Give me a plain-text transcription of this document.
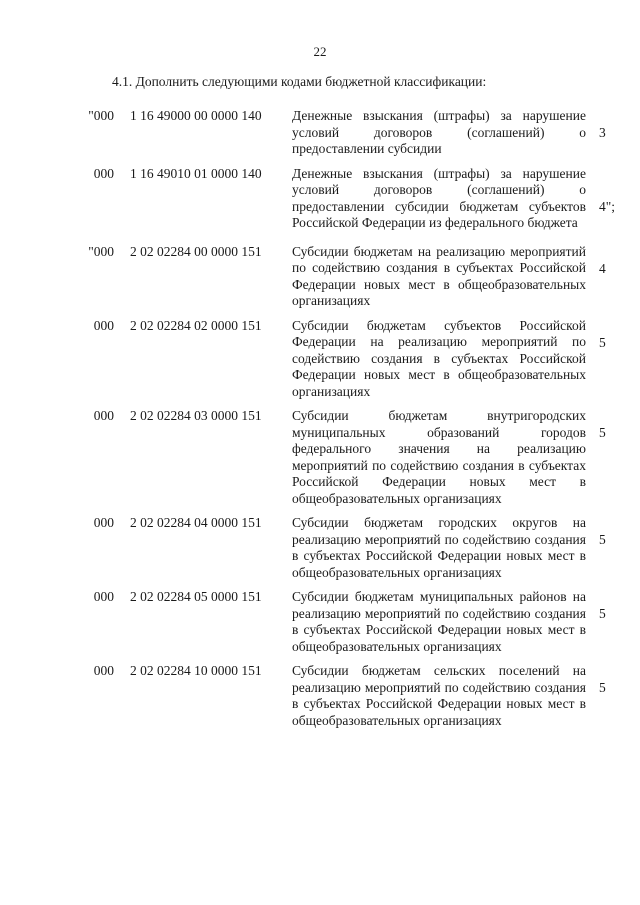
22
4.1. Дополнить следующими кодами бюджетной классификации:
"000 1 16 49000 00 0000 140 Денежные взыскания (штрафы) за нарушение условий договоров (соглашений) о предоставлении субсидии
3
000 1 16 49010 01 0000 140 Денежные взыскания (штрафы) за нарушение условий договоров (соглашений) о предоставлении субсидии бюджетам субъектов Российской Федерации из федерального бюджета
4";
"000 2 02 02284 00 0000 151 Субсидии бюджетам на реализацию мероприятий по содействию создания в субъектах Российской Федерации новых мест в общеобразовательных организациях
4
000 2 02 02284 02 0000 151 Субсидии бюджетам субъектов Российской Федерации на реализацию мероприятий по содействию создания в субъектах Российской Федерации новых мест в общеобразовательных организациях
5
000 2 02 02284 03 0000 151 Субсидии бюджетам внутригородских муниципальных образований городов федерального значения на реализацию мероприятий по содействию создания в субъектах Российской Федерации новых мест в общеобразовательных организациях
5
000 2 02 02284 04 0000 151 Субсидии бюджетам городских округов на реализацию мероприятий по содействию создания в субъектах Российской Федерации новых мест в общеобразовательных организациях
5
000 2 02 02284 05 0000 151 Субсидии бюджетам муниципальных районов на реализацию мероприятий по содействию создания в субъектах Российской Федерации новых мест в общеобразовательных организациях
5
000 2 02 02284 10 0000 151 Субсидии бюджетам сельских поселений на реализацию мероприятий по содействию создания в субъектах Российской Федерации новых мест в общеобразовательных организациях
5
